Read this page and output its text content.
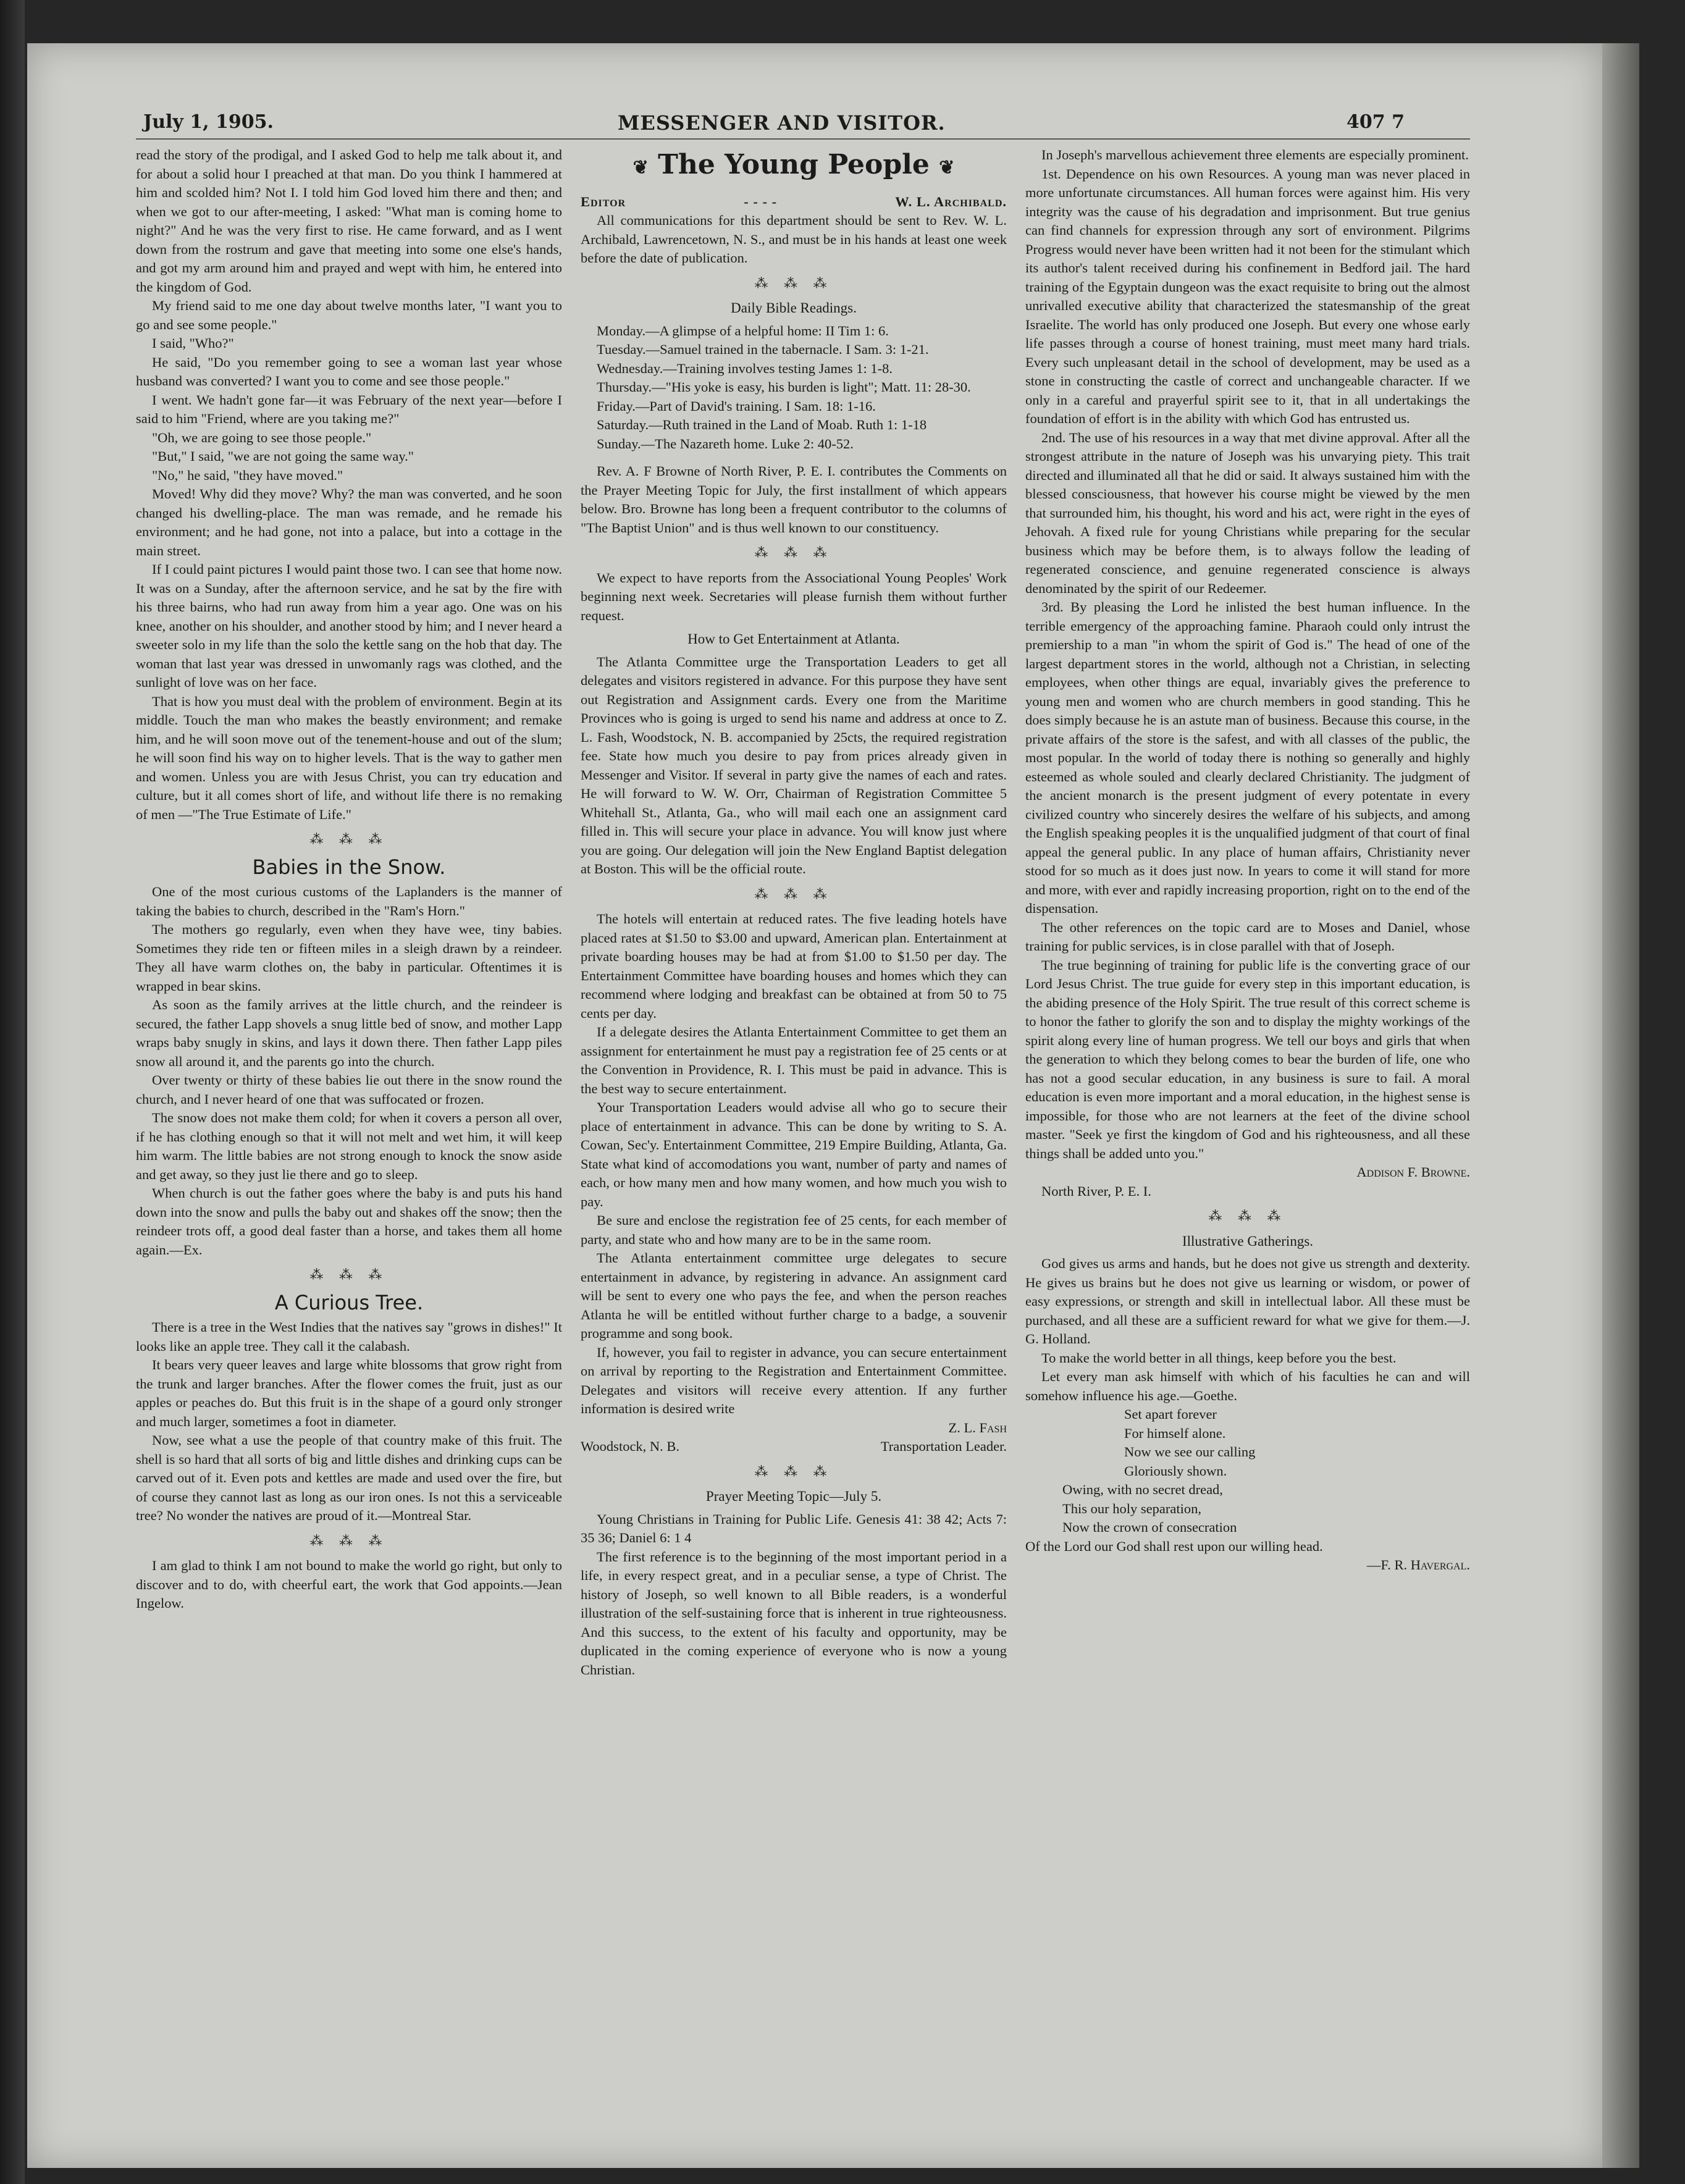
July 1, 1905.	MESSENGER AND VISITOR.	407 7

read the story of the prodigal, and I asked God to help me talk about it, and for about a solid hour I preached at that man. Do you think I hammered at him and scolded him? Not I. I told him God loved him there and then; and when we got to our after-meeting, I asked: "What man is coming home to night?" And he was the very first to rise. He came forward, and as I went down from the rostrum and gave that meeting into some one else's hands, and got my arm around him and prayed and wept with him, he entered into the kingdom of God.

My friend said to me one day about twelve months later, "I want you to go and see some people."

I said, "Who?"

He said, "Do you remember going to see a woman last year whose husband was converted? I want you to come and see those people."

I went. We hadn't gone far—it was February of the next year—before I said to him "Friend, where are you taking me?"

"Oh, we are going to see those people."

"But," I said, "we are not going the same way."

"No," he said, "they have moved."

Moved! Why did they move? Why? the man was converted, and he soon changed his dwelling-place. The man was remade, and he remade his environment; and he had gone, not into a palace, but into a cottage in the main street.

If I could paint pictures I would paint those two. I can see that home now. It was on a Sunday, after the afternoon service, and he sat by the fire with his three bairns, who had run away from him a year ago. One was on his knee, another on his shoulder, and another stood by him; and I never heard a sweeter solo in my life than the solo the kettle sang on the hob that day. The woman that last year was dressed in unwomanly rags was clothed, and the sunlight of love was on her face.

That is how you must deal with the problem of environment. Begin at its middle. Touch the man who makes the beastly environment; and remake him, and he will soon move out of the tenement-house and out of the slum; he will soon find his way on to higher levels. That is the way to gather men and women. Unless you are with Jesus Christ, you can try education and culture, but it all comes short of life, and without life there is no remaking of men —"The True Estimate of Life."

⁂ ⁂ ⁂
Babies in the Snow.

One of the most curious customs of the Laplanders is the manner of taking the babies to church, described in the "Ram's Horn."

The mothers go regularly, even when they have wee, tiny babies. Sometimes they ride ten or fifteen miles in a sleigh drawn by a reindeer. They all have warm clothes on, the baby in particular. Oftentimes it is wrapped in bear skins.

As soon as the family arrives at the little church, and the reindeer is secured, the father Lapp shovels a snug little bed of snow, and mother Lapp wraps baby snugly in skins, and lays it down there. Then father Lapp piles snow all around it, and the parents go into the church.

Over twenty or thirty of these babies lie out there in the snow round the church, and I never heard of one that was suffocated or frozen.

The snow does not make them cold; for when it covers a person all over, if he has clothing enough so that it will not melt and wet him, it will keep him warm. The little babies are not strong enough to knock the snow aside and get away, so they just lie there and go to sleep.

When church is out the father goes where the baby is and puts his hand down into the snow and pulls the baby out and shakes off the snow; then the reindeer trots off, a good deal faster than a horse, and takes them all home again.—Ex.

⁂ ⁂ ⁂
A Curious Tree.

There is a tree in the West Indies that the natives say "grows in dishes!" It looks like an apple tree. They call it the calabash.

It bears very queer leaves and large white blossoms that grow right from the trunk and larger branches. After the flower comes the fruit, just as our apples or peaches do. But this fruit is in the shape of a gourd only stronger and much larger, sometimes a foot in diameter.

Now, see what a use the people of that country make of this fruit. The shell is so hard that all sorts of big and little dishes and drinking cups can be carved out of it. Even pots and kettles are made and used over the fire, but of course they cannot last as long as our iron ones. Is not this a serviceable tree? No wonder the natives are proud of it.—Montreal Star.

⁂ ⁂ ⁂

I am glad to think I am not bound to make the world go right, but only to discover and to do, with cheerful eart, the work that God appoints.—Jean Ingelow.

❦ The Young People ❦
Editor	- - - -	W. L. Archibald.

All communications for this department should be sent to Rev. W. L. Archibald, Lawrencetown, N. S., and must be in his hands at least one week before the date of publication.

⁂ ⁂ ⁂
Daily Bible Readings.

Monday.—A glimpse of a helpful home: II Tim 1: 6.

Tuesday.—Samuel trained in the tabernacle. I Sam. 3: 1-21.

Wednesday.—Training involves testing James 1: 1-8.

Thursday.—"His yoke is easy, his burden is light"; Matt. 11: 28-30.

Friday.—Part of David's training. I Sam. 18: 1-16.

Saturday.—Ruth trained in the Land of Moab. Ruth 1: 1-18

Sunday.—The Nazareth home. Luke 2: 40-52.

Rev. A. F Browne of North River, P. E. I. contributes the Comments on the Prayer Meeting Topic for July, the first installment of which appears below. Bro. Browne has long been a frequent contributor to the columns of "The Baptist Union" and is thus well known to our constituency.

⁂ ⁂ ⁂

We expect to have reports from the Associational Young Peoples' Work beginning next week. Secretaries will please furnish them without further request.

How to Get Entertainment at Atlanta.

The Atlanta Committee urge the Transportation Leaders to get all delegates and visitors registered in advance. For this purpose they have sent out Registration and Assignment cards. Every one from the Maritime Provinces who is going is urged to send his name and address at once to Z. L. Fash, Woodstock, N. B. accompanied by 25cts, the required registration fee. State how much you desire to pay from prices already given in Messenger and Visitor. If several in party give the names of each and rates. He will forward to W. W. Orr, Chairman of Registration Committee 5 Whitehall St., Atlanta, Ga., who will mail each one an assignment card filled in. This will secure your place in advance. You will know just where you are going. Our delegation will join the New England Baptist delegation at Boston. This will be the official route.

⁂ ⁂ ⁂

The hotels will entertain at reduced rates. The five leading hotels have placed rates at $1.50 to $3.00 and upward, American plan. Entertainment at private boarding houses may be had at from $1.00 to $1.50 per day. The Entertainment Committee have boarding houses and homes which they can recommend where lodging and breakfast can be obtained at from 50 to 75 cents per day.

If a delegate desires the Atlanta Entertainment Committee to get them an assignment for entertainment he must pay a registration fee of 25 cents or at the Convention in Providence, R. I. This must be paid in advance. This is the best way to secure entertainment.

Your Transportation Leaders would advise all who go to secure their place of entertainment in advance. This can be done by writing to S. A. Cowan, Sec'y. Entertainment Committee, 219 Empire Building, Atlanta, Ga. State what kind of accomodations you want, number of party and names of each, or how many men and how many women, and how much you wish to pay.

Be sure and enclose the registration fee of 25 cents, for each member of party, and state who and how many are to be in the same room.

The Atlanta entertainment committee urge delegates to secure entertainment in advance, by registering in advance. An assignment card will be sent to every one who pays the fee, and when the person reaches Atlanta he will be entitled without further charge to a badge, a souvenir programme and song book.

If, however, you fail to register in advance, you can secure entertainment on arrival by reporting to the Registration and Entertainment Committee. Delegates and visitors will receive every attention. If any further information is desired write

Z. L. Fash
Woodstock, N. B.	Transportation Leader.
⁂ ⁂ ⁂
Prayer Meeting Topic—July 5.

Young Christians in Training for Public Life. Genesis 41: 38 42; Acts 7: 35 36; Daniel 6: 1 4

The first reference is to the beginning of the most important period in a life, in every respect great, and in a peculiar sense, a type of Christ. The history of Joseph, so well known to all Bible readers, is a wonderful illustration of the self-sustaining force that is inherent in true righteousness. And this success, to the extent of his faculty and opportunity, may be duplicated in the coming experience of everyone who is now a young Christian.

In Joseph's marvellous achievement three elements are especially prominent.

1st. Dependence on his own Resources. A young man was never placed in more unfortunate circumstances. All human forces were against him. His very integrity was the cause of his degradation and imprisonment. But true genius can find channels for expression through any sort of environment. Pilgrims Progress would never have been written had it not been for the stimulant which its author's talent received during his confinement in Bedford jail. The hard training of the Egyptain dungeon was the exact requisite to bring out the almost unrivalled executive ability that characterized the statesmanship of the great Israelite. The world has only produced one Joseph. But every one whose early life passes through a course of honest training, must meet many hard trials. Every such unpleasant detail in the school of development, may be used as a stone in constructing the castle of correct and unchangeable character. If we only in a careful and prayerful spirit see to it, that in all undertakings the foundation of effort is in the ability with which God has entrusted us.

2nd. The use of his resources in a way that met divine approval. After all the strongest attribute in the nature of Joseph was his unvarying piety. This trait directed and illuminated all that he did or said. It always sustained him with the blessed consciousness, that however his course might be viewed by the men that surrounded him, his thought, his word and his act, were right in the eyes of Jehovah. A fixed rule for young Christians while preparing for the secular business which may be before them, is to always follow the leading of regenerated conscience, and genuine regenerated conscience is always denominated by the spirit of our Redeemer.

3rd. By pleasing the Lord he inlisted the best human influence. In the terrible emergency of the approaching famine. Pharaoh could only intrust the premiership to a man "in whom the spirit of God is." The head of one of the largest department stores in the world, although not a Christian, in selecting employees, when other things are equal, invariably gives the preference to young men and women who are church members in good standing. This he does simply because he is an astute man of business. Because this course, in the private affairs of the store is the safest, and with all classes of the public, the most popular. In the world of today there is nothing so generally and highly esteemed as whole souled and clearly declared Christianity. The judgment of the ancient monarch is the present judgment of every potentate in every civilized country who sincerely desires the welfare of his subjects, and among the English speaking peoples it is the unqualified judgment of that court of final appeal the general public. In any place of human affairs, Christianity never stood for so much as it does just now. In years to come it will stand for more and more, with ever and rapidly increasing proportion, right on to the end of the dispensation.

The other references on the topic card are to Moses and Daniel, whose training for public services, is in close parallel with that of Joseph.

The true beginning of training for public life is the converting grace of our Lord Jesus Christ. The true guide for every step in this important education, is the abiding presence of the Holy Spirit. The true result of this correct scheme is to honor the father to glorify the son and to display the mighty workings of the spirit along every line of human progress. We tell our boys and girls that when the generation to which they belong comes to bear the burden of life, one who has not a good secular education, in any business is sure to fail. A moral education is even more important and a moral education, in the highest sense is impossible, for those who are not learners at the feet of the divine school master. "Seek ye first the kingdom of God and his righteousness, and all these things shall be added unto you."

Addison F. Browne.

North River, P. E. I.

⁂ ⁂ ⁂
Illustrative Gatherings.

God gives us arms and hands, but he does not give us strength and dexterity. He gives us brains but he does not give us learning or wisdom, or power of easy expressions, or strength and skill in intellectual labor. All these must be purchased, and all these are a sufficient reward for what we give for them.—J. G. Holland.

To make the world better in all things, keep before you the best.

Let every man ask himself with which of his faculties he can and will somehow influence his age.—Goethe.

Set apart forever

For himself alone.

Now we see our calling

Gloriously shown.

Owing, with no secret dread,

This our holy separation,

Now the crown of consecration

Of the Lord our God shall rest upon our willing head.

—F. R. Havergal.
